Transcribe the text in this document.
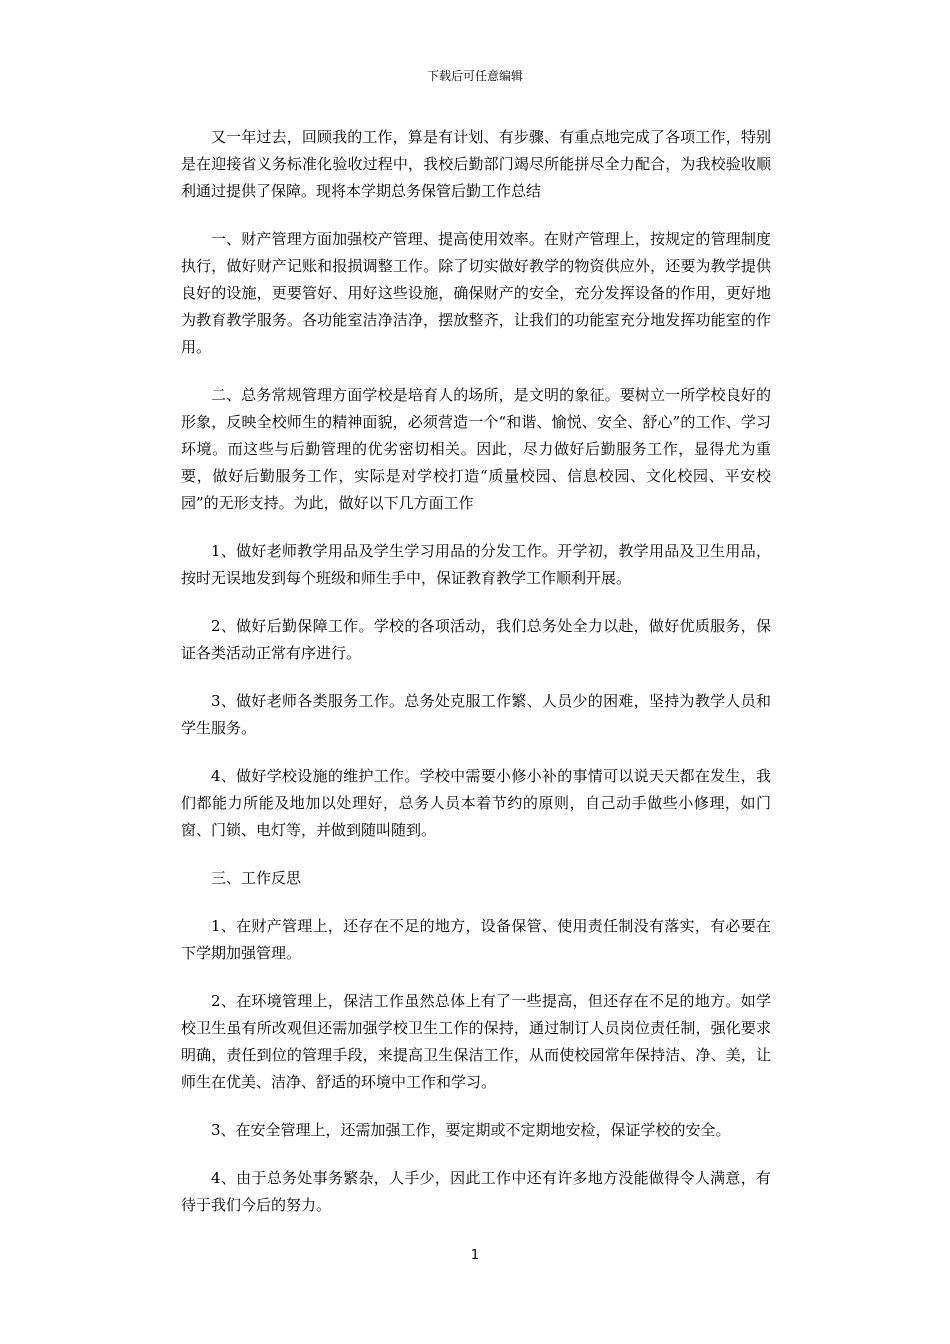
下载后可任意编辑

又一年过去，回顾我的工作，算是有计划、有步骤、有重点地完成了各项工作，特别是在迎接省义务标准化验收过程中，我校后勤部门竭尽所能拼尽全力配合，为我校验收顺利通过提供了保障。现将本学期总务保管后勤工作总结

一、财产管理方面加强校产管理、提高使用效率。在财产管理上，按规定的管理制度执行，做好财产记账和报损调整工作。除了切实做好教学的物资供应外，还要为教学提供良好的设施，更要管好、用好这些设施，确保财产的安全，充分发挥设备的作用，更好地为教育教学服务。各功能室洁净洁净，摆放整齐，让我们的功能室充分地发挥功能室的作用。

二、总务常规管理方面学校是培育人的场所，是文明的象征。要树立一所学校良好的形象，反映全校师生的精神面貌，必须营造一个“和谐、愉悦、安全、舒心”的工作、学习环境。而这些与后勤管理的优劣密切相关。因此，尽力做好后勤服务工作，显得尤为重要，做好后勤服务工作，实际是对学校打造“质量校园、信息校园、文化校园、平安校园”的无形支持。为此，做好以下几方面工作

1、做好老师教学用品及学生学习用品的分发工作。开学初，教学用品及卫生用品，按时无误地发到每个班级和师生手中，保证教育教学工作顺利开展。

2、做好后勤保障工作。学校的各项活动，我们总务处全力以赴，做好优质服务，保证各类活动正常有序进行。

3、做好老师各类服务工作。总务处克服工作繁、人员少的困难，坚持为教学人员和学生服务。

4、做好学校设施的维护工作。学校中需要小修小补的事情可以说天天都在发生，我们都能力所能及地加以处理好，总务人员本着节约的原则，自己动手做些小修理，如门窗、门锁、电灯等，并做到随叫随到。

三、工作反思

1、在财产管理上，还存在不足的地方，设备保管、使用责任制没有落实，有必要在下学期加强管理。

2、在环境管理上，保洁工作虽然总体上有了一些提高，但还存在不足的地方。如学校卫生虽有所改观但还需加强学校卫生工作的保持，通过制订人员岗位责任制，强化要求明确，责任到位的管理手段，来提高卫生保洁工作，从而使校园常年保持洁、净、美，让师生在优美、洁净、舒适的环境中工作和学习。

3、在安全管理上，还需加强工作，要定期或不定期地安检，保证学校的安全。

4、由于总务处事务繁杂，人手少，因此工作中还有许多地方没能做得令人满意，有待于我们今后的努力。

1
